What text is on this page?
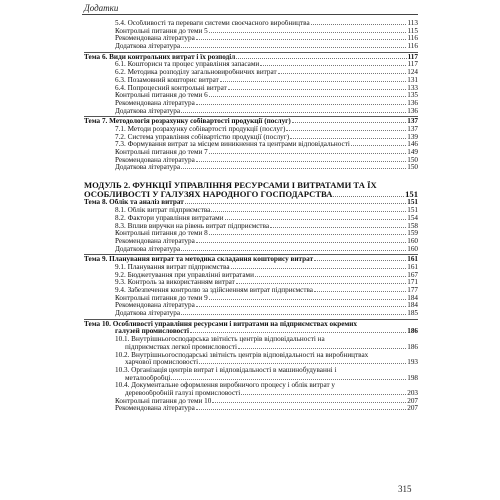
Додатки
5.4. Особливості та переваги системи своєчасного виробництва	113
Контрольні питання до теми 5	115
Рекомендована література	116
Додаткова література	116
Тема 6. Види контрольних витрат і їх розподіл	117
6.1. Кошторисн та процес управління запасами	117
6.2. Методика розподілу загальновиробничих витрат	124
6.3. Позамовний кошторис витрат	131
6.4. Попроцесний контрольні витрат	133
Контрольні питання до теми 6	135
Рекомендована література	136
Додаткова література	136
Тема 7. Методологія розрахунку собівартості продукції (послуг)	137
7.1. Методи розрахунку собівартості продукції (послуг)	137
7.2. Система управління собівартістю продукції (послуг)	139
7.3. Формування витрат за місцем виникнення та центрами відповідальності	146
Контрольні питання до теми 7	149
Рекомендована література	150
Додаткова література	150
МОДУЛЬ 2. ФУНКЦІЇ УПРАВЛІННЯ РЕСУРСАМИ І ВИТРАТАМИ ТА ЇХ
ОСОБЛИВОСТІ У ГАЛУЗЯХ НАРОДНОГО ГОСПОДАРСТВА	151
Тема 8. Облік та аналіз витрат	151
8.1. Облік витрат підприємства	151
8.2. Фактори управління витратами	154
8.3. Вплив виручки на рівень витрат підприємства	158
Контрольні питання до теми 8	159
Рекомендована література	160
Додаткова література	160
Тема 9. Планування витрат та методика складання кошторису витрат	161
9.1. Планування витрат підприємства	161
9.2. Бюджетування при управлінні витратами	167
9.3. Контроль за використанням витрат	171
9.4. Забезпечення контролю за здійсненням витрат підприємства	177
Контрольні питання до теми 9	184
Рекомендована література	184
Додаткова література	185
Тема 10. Особливості управління ресурсами і витратами на підприємствах окремих
галузей промисловості	186
10.1. Внутрішньогосподарська звітність центрів відповідальності на
підприємствах легкої промисловості	186
10.2. Внутрішньогосподарські звітність центрів відповідальності на виробництвах
харчової промисловості	193
10.3. Організація центрів витрат і відповідальності в машинобудуванні і
металообробці	198
10.4. Документальне оформлення виробничого процесу і облік витрат у
деревообробній галузі промисловості	203
Контрольні питання до теми 10	207
Рекомендована література	207
315
